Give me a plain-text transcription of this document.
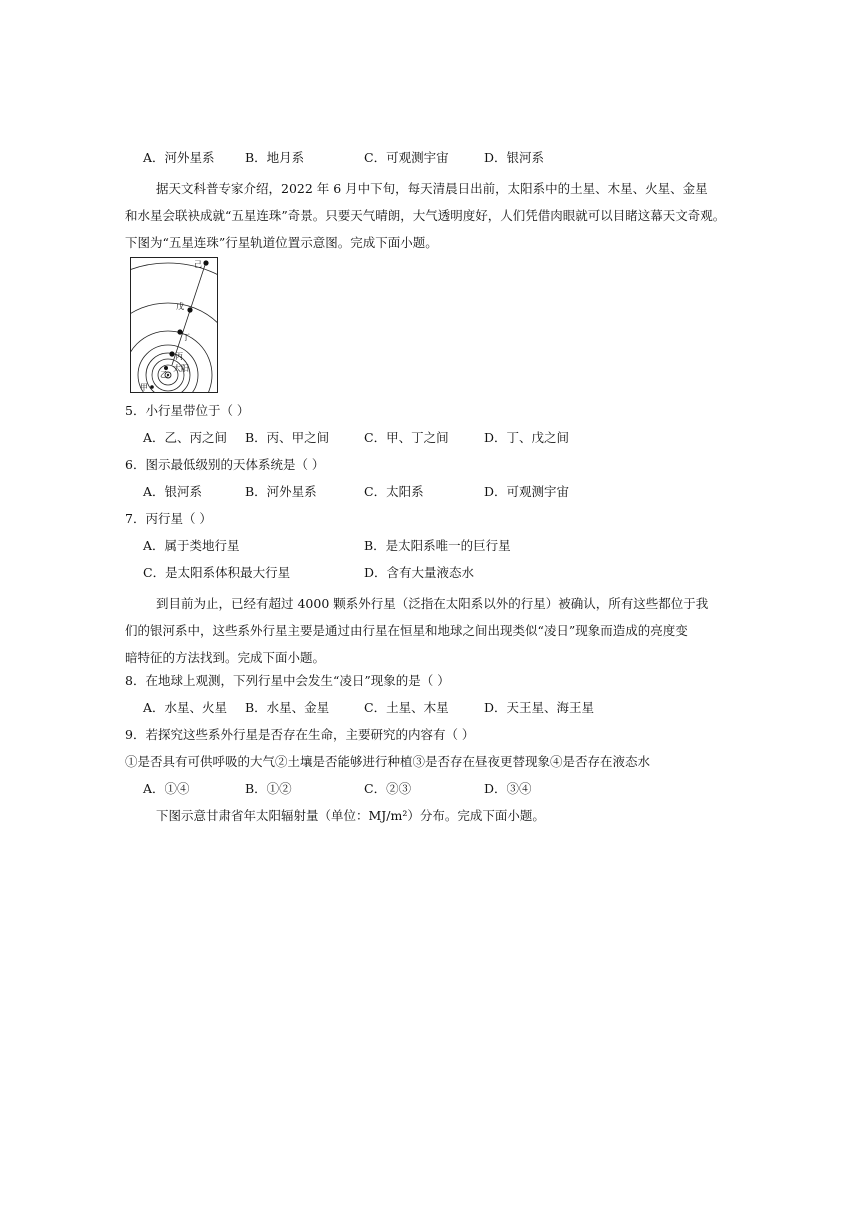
A．河外星系 B．地月系	C．可观测宇宙	D．银河系
据天文科普专家介绍，2022 年 6 月中下旬，每天清晨日出前，太阳系中的土星、木星、火星、金星
和水星会联袂成就“五星连珠”奇景。只要天气晴朗，大气透明度好，人们凭借肉眼就可以目睹这幕天文奇观。
下图为“五星连珠”行星轨道位置示意图。完成下面小题。
己
戊
丁
丙
乙
太阳
甲
5．小行星带位于（ ）
A．乙、丙之间 B．丙、甲之间	C．甲、丁之间	D．丁、戊之间
6．图示最低级别的天体系统是（ ）
A．银河系	B．河外星系	C．太阳系	D．可观测宇宙
7．丙行星（ ）
A．属于类地行星	B．是太阳系唯一的巨行星
C．是太阳系体积最大行星	D．含有大量液态水
到目前为止，已经有超过 4000 颗系外行星（泛指在太阳系以外的行星）被确认，所有这些都位于我
们的银河系中，这些系外行星主要是通过由行星在恒星和地球之间出现类似“凌日”现象而造成的亮度变
暗特征的方法找到。完成下面小题。
8．在地球上观测，下列行星中会发生“凌日”现象的是（ ）
A．水星、火星 B．水星、金星	C．土星、木星	D．天王星、海王星
9．若探究这些系外行星是否存在生命，主要研究的内容有（ ）
①是否具有可供呼吸的大气②土壤是否能够进行种植③是否存在昼夜更替现象④是否存在液态水
A．①④	B．①②	C．②③	D．③④
下图示意甘肃省年太阳辐射量（单位：MJ/m²）分布。完成下面小题。
